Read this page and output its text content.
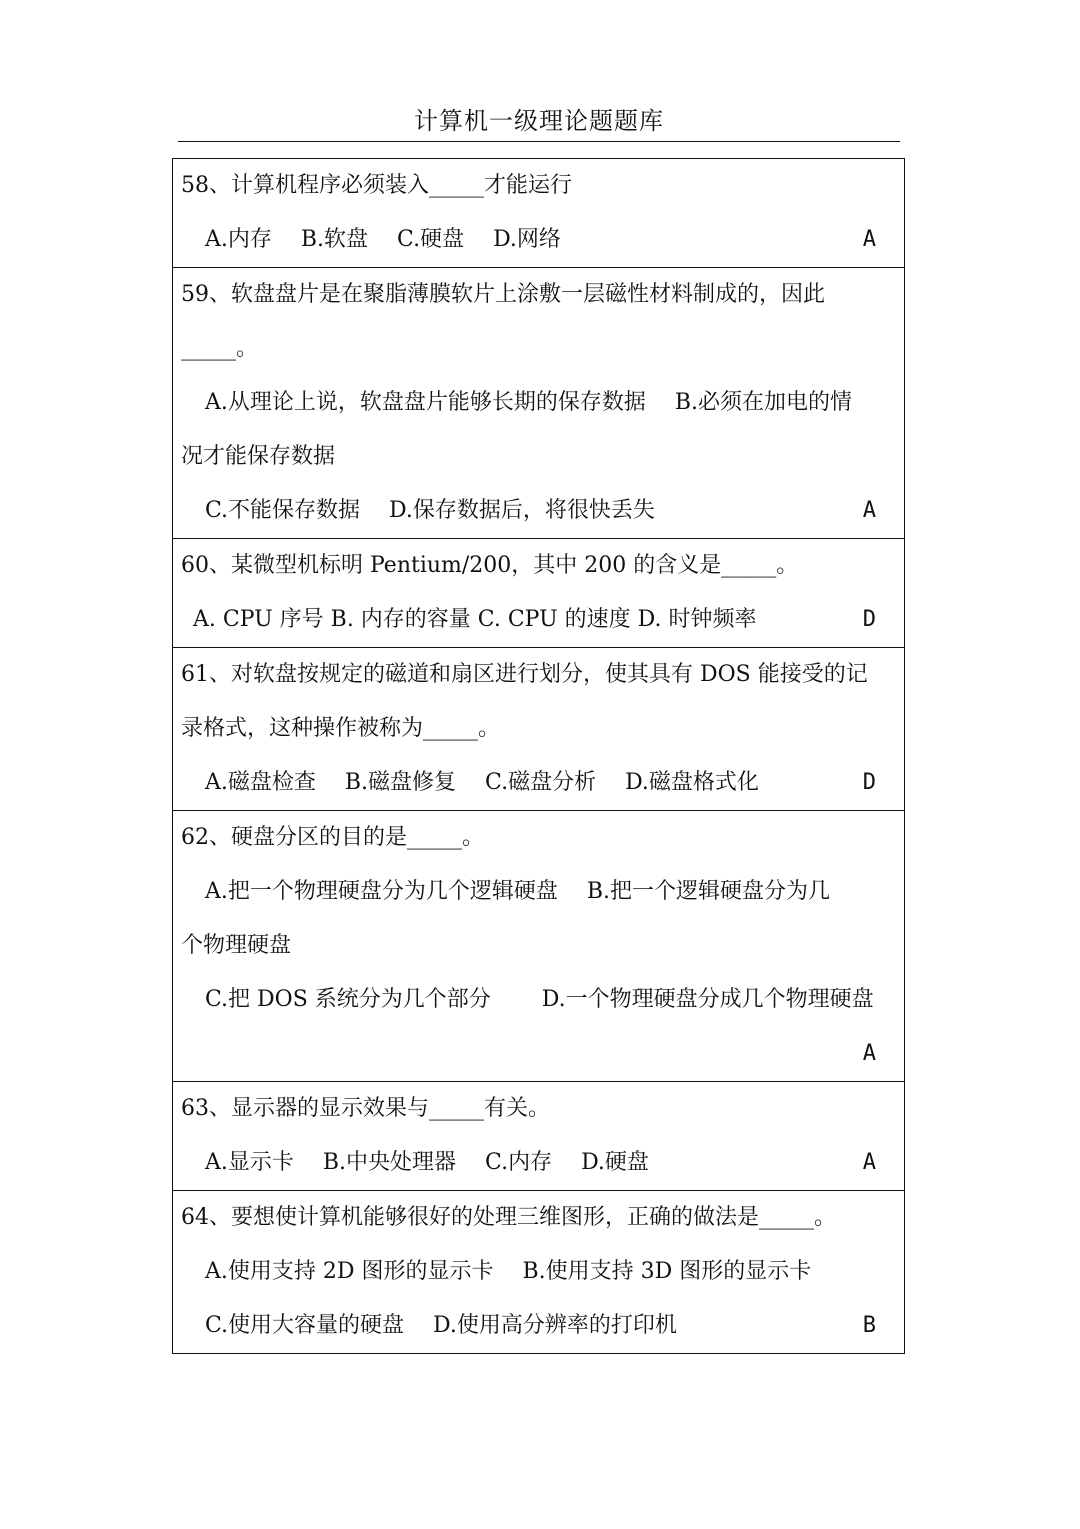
计算机一级理论题题库
58、计算机程序必须装入_____才能运行
A.内存　 B.软盘　 C.硬盘　 D.网络	A
59、软盘盘片是在聚脂薄膜软片上涂敷一层磁性材料制成的，因此
_____。
A.从理论上说，软盘盘片能够长期的保存数据　 B.必须在加电的情
况才能保存数据
C.不能保存数据　 D.保存数据后，将很快丢失	A
60、某微型机标明 Pentium/200，其中 200 的含义是_____。
A. CPU 序号 B. 内存的容量 C. CPU 的速度 D. 时钟频率	D
61、对软盘按规定的磁道和扇区进行划分，使其具有 DOS 能接受的记
录格式，这种操作被称为_____。
A.磁盘检查　 B.磁盘修复　 C.磁盘分析　 D.磁盘格式化	D
62、硬盘分区的目的是_____。
A.把一个物理硬盘分为几个逻辑硬盘　 B.把一个逻辑硬盘分为几
个物理硬盘
C.把 DOS 系统分为几个部分　　 D.一个物理硬盘分成几个物理硬盘
A
63、显示器的显示效果与_____有关。
A.显示卡　 B.中央处理器　 C.内存　 D.硬盘	A
64、要想使计算机能够很好的处理三维图形，正确的做法是_____。
A.使用支持 2D 图形的显示卡　 B.使用支持 3D 图形的显示卡
C.使用大容量的硬盘　 D.使用高分辨率的打印机	B
